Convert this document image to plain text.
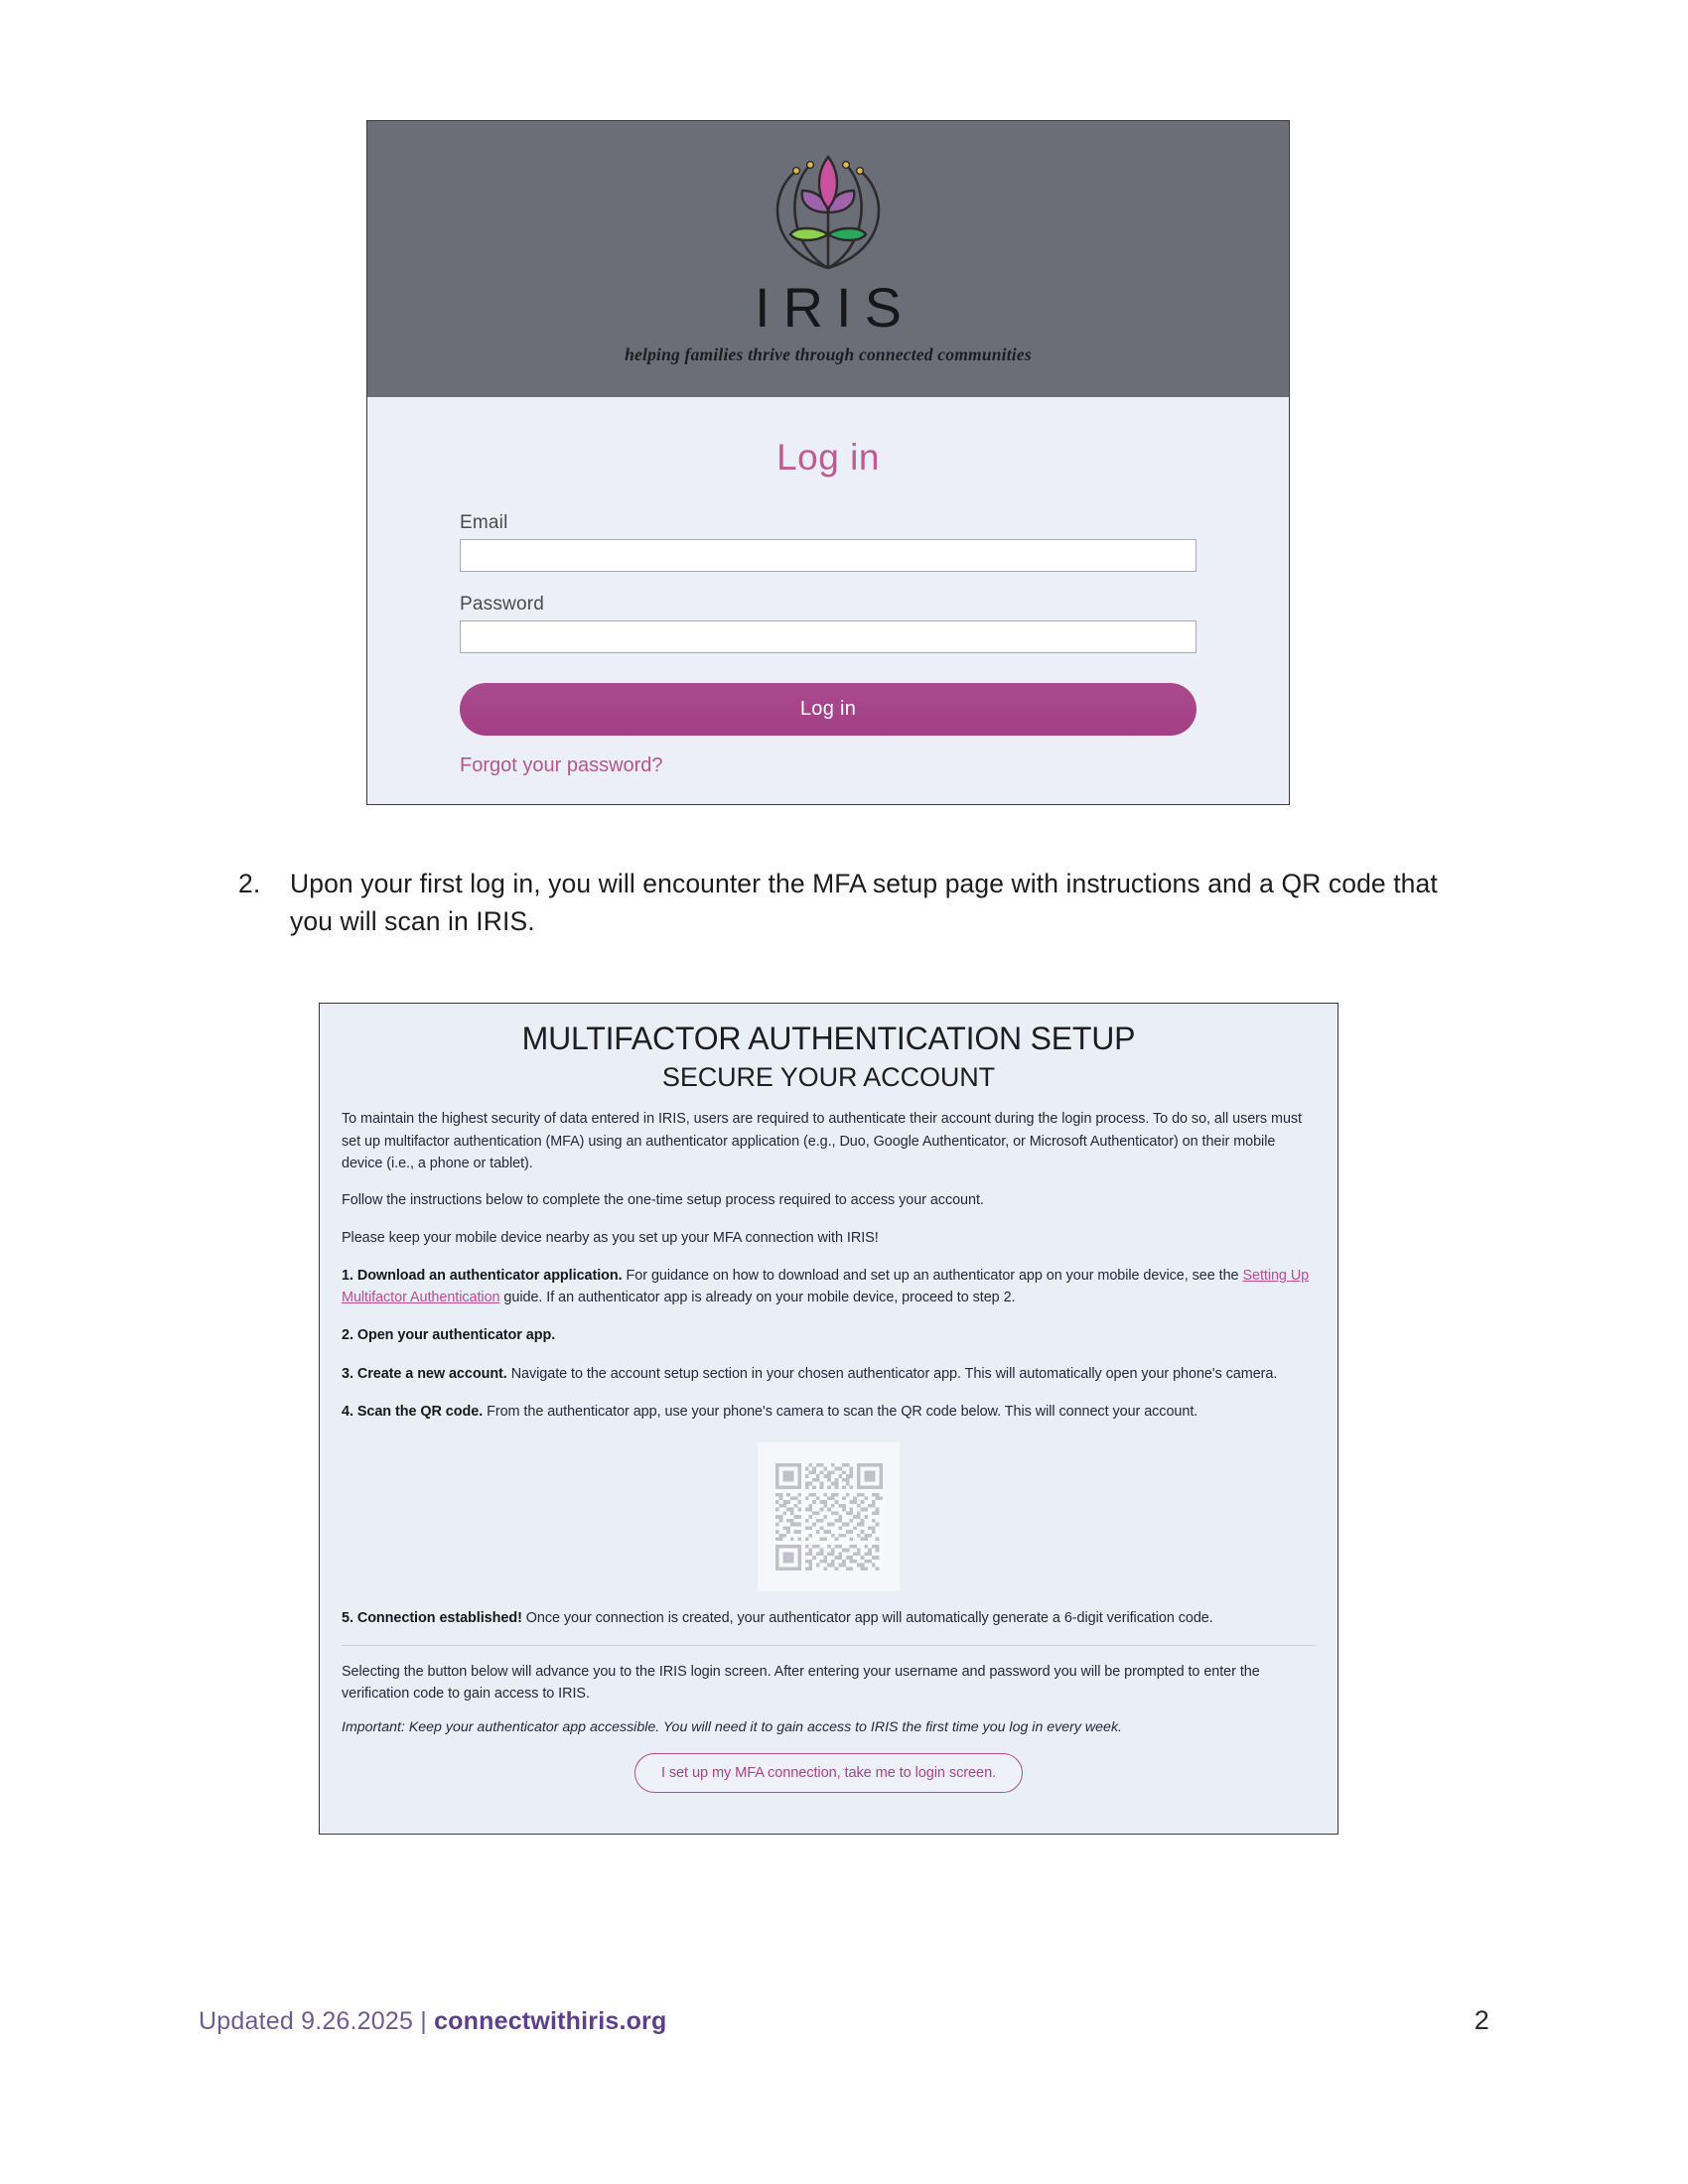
IRIS
helping families thrive through connected communities
Log in
Email
Password
Log in
Forgot your password?
2.	Upon your first log in, you will encounter the MFA setup page with instructions and a QR code that you will scan in IRIS.
MULTIFACTOR AUTHENTICATION SETUP
SECURE YOUR ACCOUNT

To maintain the highest security of data entered in IRIS, users are required to authenticate their account during the login process. To do so, all users must set up multifactor authentication (MFA) using an authenticator application (e.g., Duo, Google Authenticator, or Microsoft Authenticator) on their mobile device (i.e., a phone or tablet).

Follow the instructions below to complete the one-time setup process required to access your account.

Please keep your mobile device nearby as you set up your MFA connection with IRIS!

1. Download an authenticator application. For guidance on how to download and set up an authenticator app on your mobile device, see the Setting Up Multifactor Authentication guide. If an authenticator app is already on your mobile device, proceed to step 2.

2. Open your authenticator app.

3. Create a new account. Navigate to the account setup section in your chosen authenticator app. This will automatically open your phone's camera.

4. Scan the QR code. From the authenticator app, use your phone's camera to scan the QR code below. This will connect your account.

5. Connection established! Once your connection is created, your authenticator app will automatically generate a 6-digit verification code.

Selecting the button below will advance you to the IRIS login screen. After entering your username and password you will be prompted to enter the verification code to gain access to IRIS.

Important: Keep your authenticator app accessible. You will need it to gain access to IRIS the first time you log in every week.

I set up my MFA connection, take me to login screen.
Updated 9.26.2025 | connectwithiris.org	2
